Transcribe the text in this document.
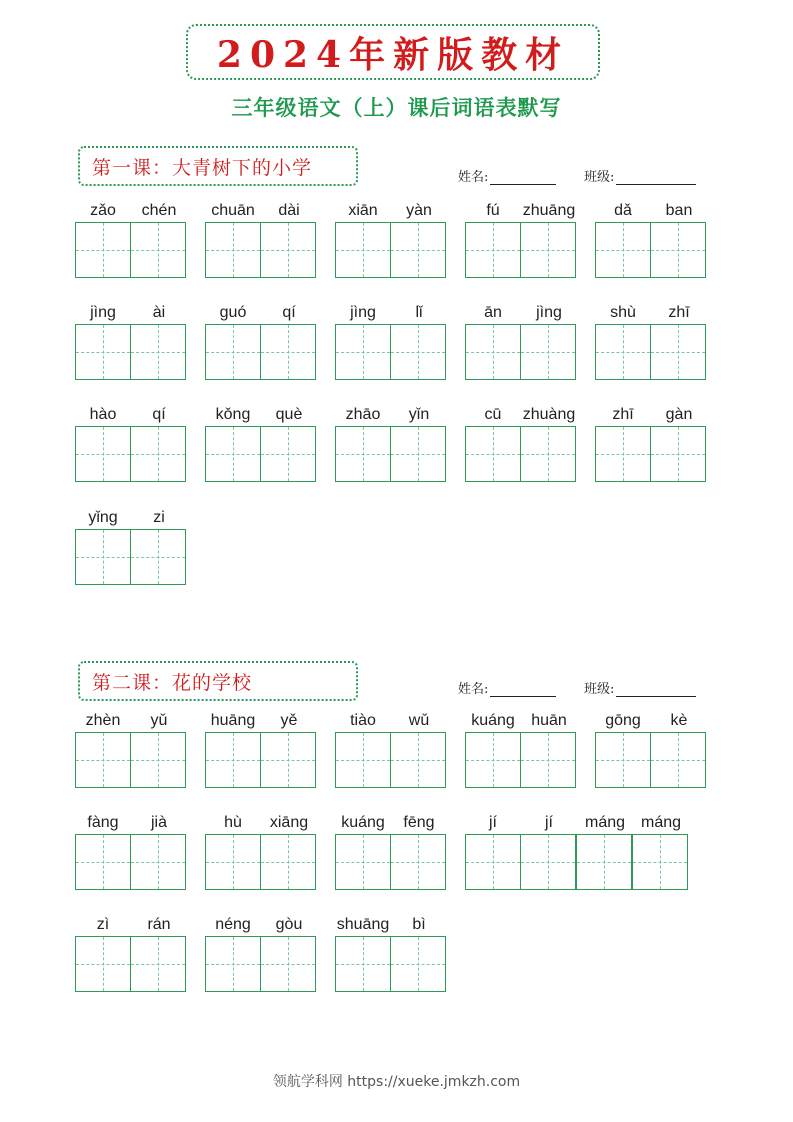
2024年新版教材
三年级语文（上）课后词语表默写
第一课：大青树下的小学	姓名:	班级:
第二课：花的学校	姓名:	班级:
zǎo	chén	chuān	dài	xiān	yàn	fú	zhuāng	dǎ	ban
jìng	ài	guó	qí	jìng	lǐ	ān	jìng	shù	zhī
hào	qí	kǒng	què	zhāo	yǐn	cū	zhuàng	zhī	gàn
yǐng	zi
zhèn	yǔ	huāng	yě	tiào	wǔ	kuáng	huān	gōng	kè
fàng	jià	hù	xiāng	kuáng	fēng	jí	jí	máng máng
zì	rán	néng	gòu	shuāng	bì
领航学科网 https://xueke.jmkzh.com
